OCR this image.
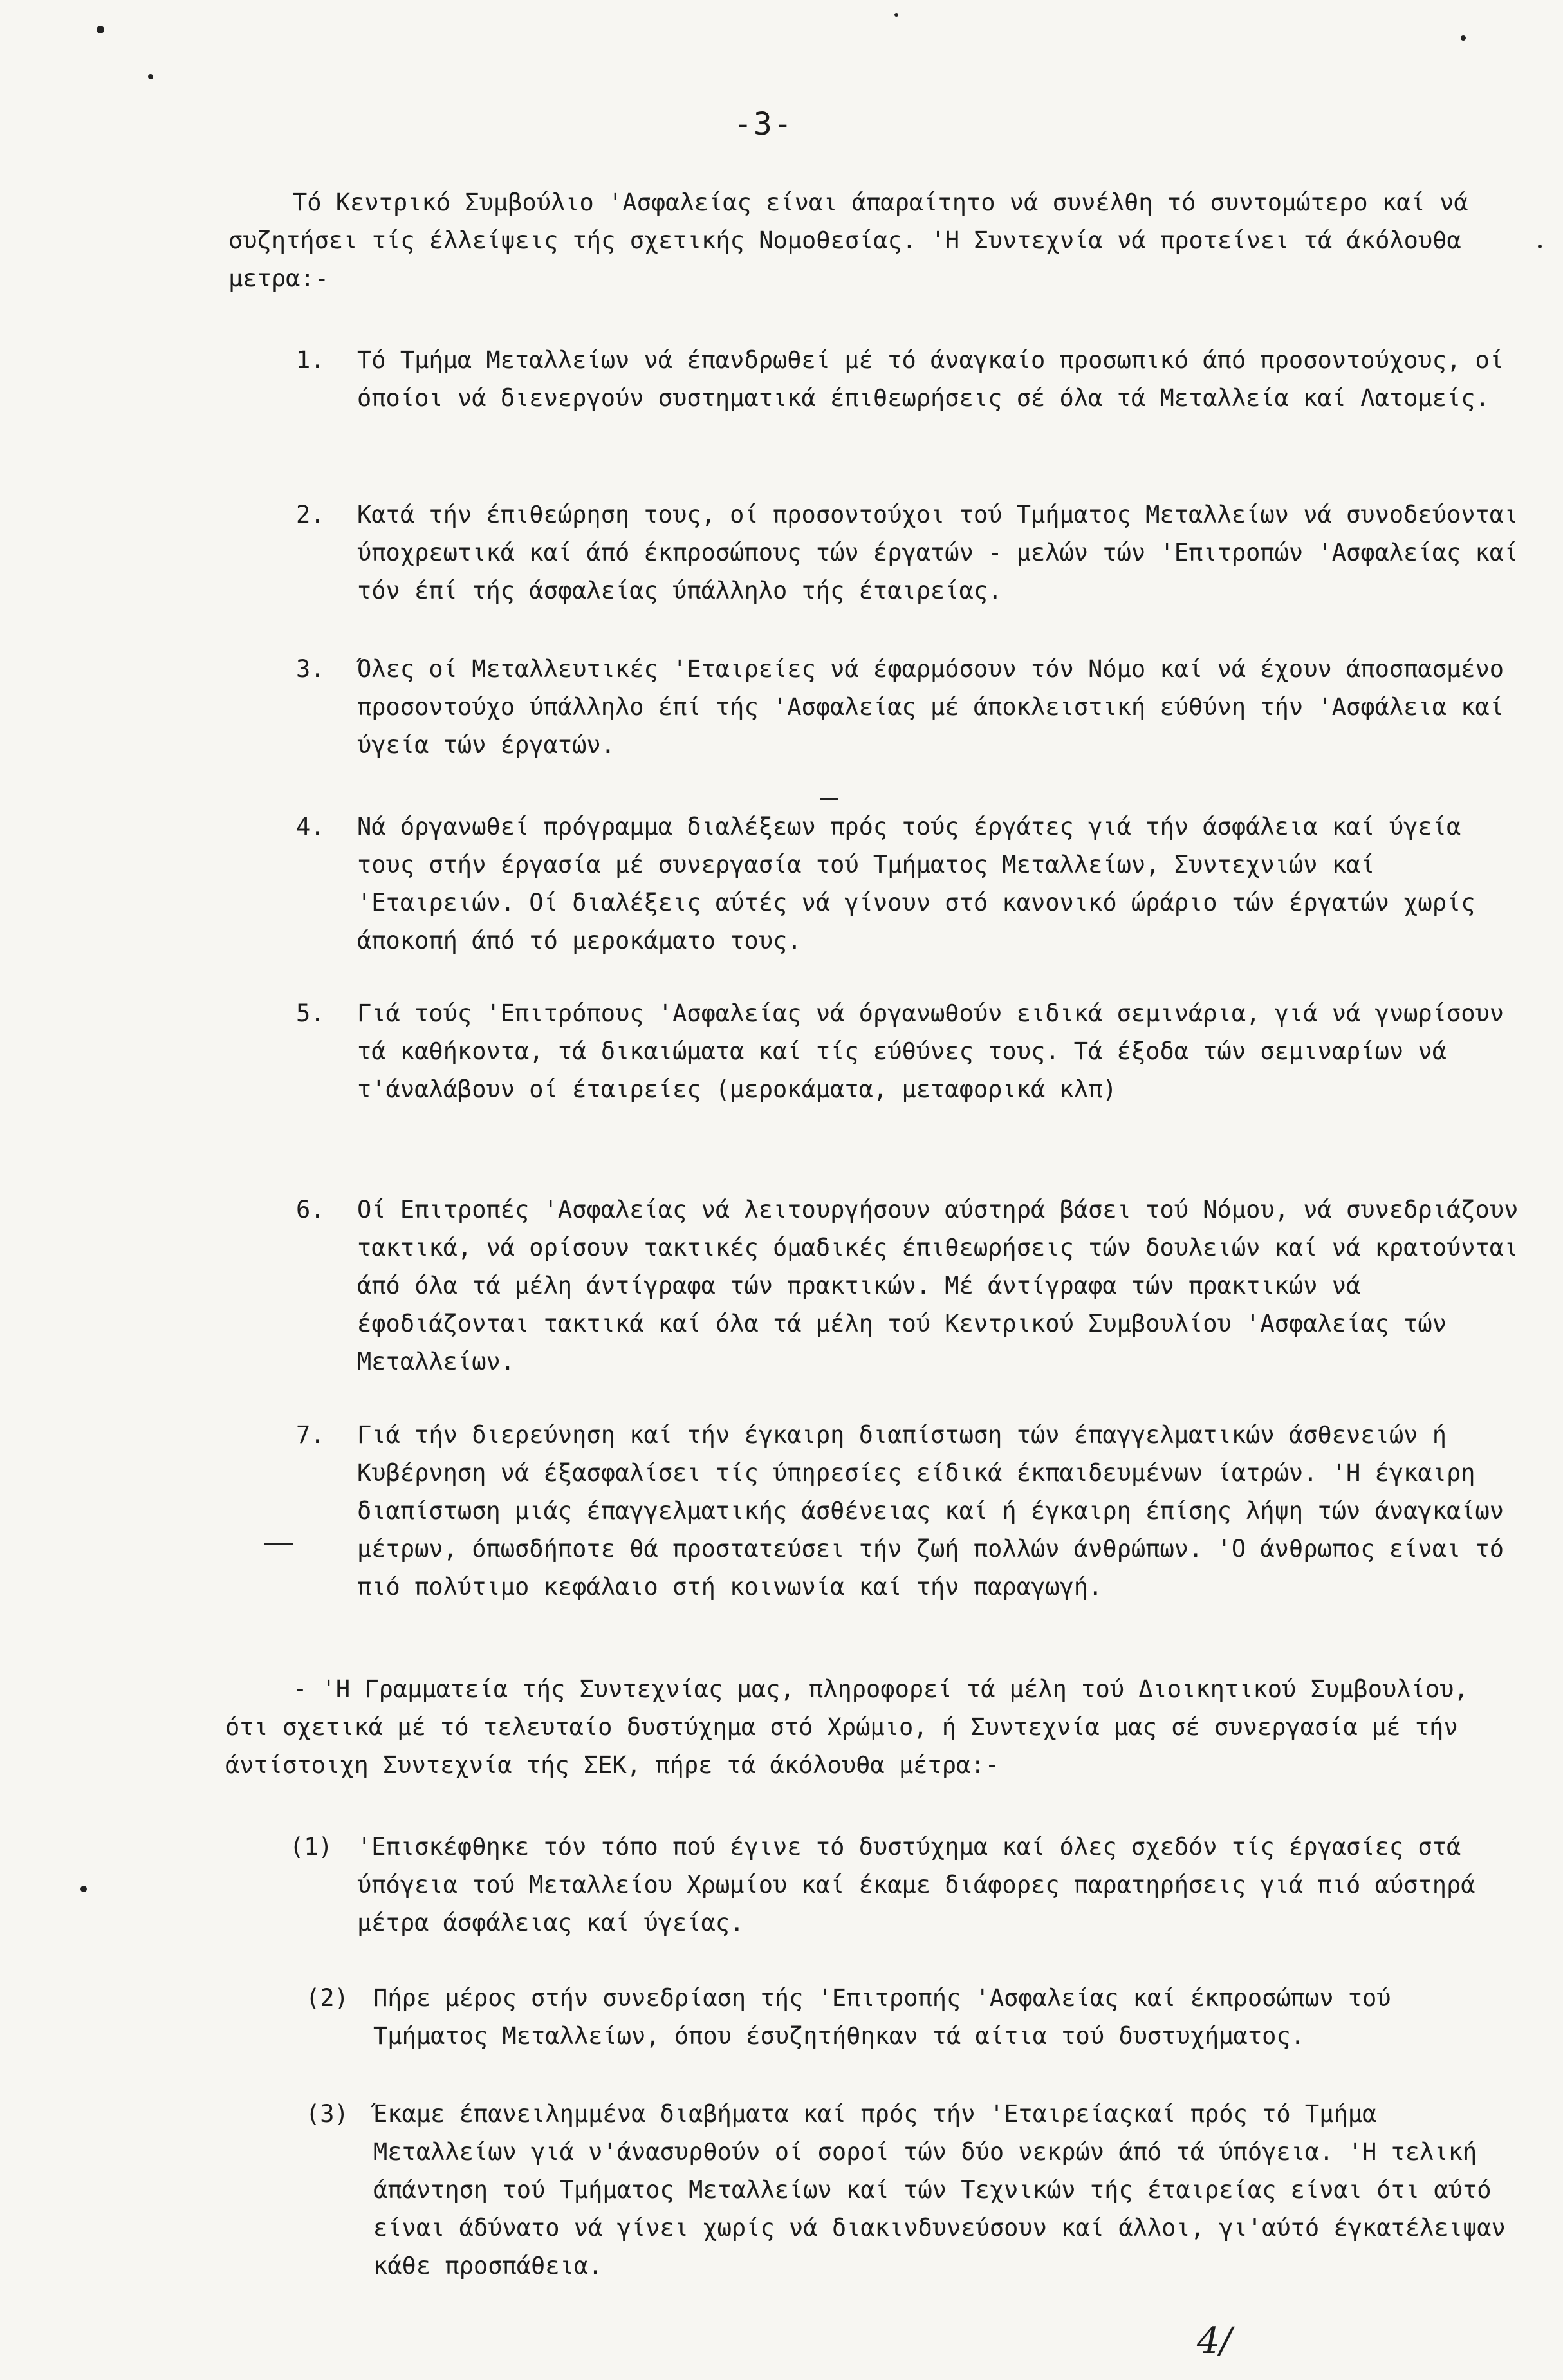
-3-
Τό Κεντρικό Συμβούλιο 'Ασφαλείας είναι άπαραίτητο νά συνέλθη τό συντομώτερο καί νά συζητήσει τίς έλλείψεις τής σχετικής Νομοθεσίας. 'Η Συντεχνία νά προτείνει τά άκόλουθα μετρα:-
1. Τό Τμήμα Μεταλλείων νά έπανδρωθεί μέ τό άναγκαίο προσωπικό άπό προσοντούχους, οί όποίοι νά διενεργούν συστηματικά έπιθεωρήσεις σέ όλα τά Μεταλλεία καί Λατομείς.
2. Κατά τήν έπιθεώρηση τους, οί προσοντούχοι τού Τμήματος Μεταλλείων νά συνοδεύονται ύποχρεωτικά καί άπό έκπροσώπους τών έργατών - μελών τών 'Επιτροπών 'Ασφαλείας καί τόν έπί τής άσφαλείας ύπάλληλο τής έταιρείας.
3. Όλες οί Μεταλλευτικές 'Εταιρείες νά έφαρμόσουν τόν Νόμο καί νά έχουν άποσπασμένο προσοντούχο ύπάλληλο έπί τής 'Ασφαλείας μέ άποκλειστική εύθύνη τήν 'Ασφάλεια καί ύγεία τών έργατών.
4. Νά όργανωθεί πρόγραμμα διαλέξεων πρός τούς έργάτες γιά τήν άσφάλεια καί ύγεία τους στήν έργασία μέ συνεργασία τού Τμήματος Μεταλλείων, Συντεχνιών καί 'Εταιρειών. Οί διαλέξεις αύτές νά γίνουν στό κανονικό ώράριο τών έργατών χωρίς άποκοπή άπό τό μεροκάματο τους.
5. Γιά τούς 'Επιτρόπους 'Ασφαλείας νά όργανωθούν ειδικά σεμινάρια, γιά νά γνωρίσουν τά καθήκοντα, τά δικαιώματα καί τίς εύθύνες τους. Τά έξοδα τών σεμιναρίων νά τ'άναλάβουν οί έταιρείες (μεροκάματα, μεταφορικά κλπ)
6. Οί Επιτροπές 'Ασφαλείας νά λειτουργήσουν αύστηρά βάσει τού Νόμου, νά συνεδριάζουν τακτικά, νά ορίσουν τακτικές όμαδικές έπιθεωρήσεις τών δουλειών καί νά κρατούνται άπό όλα τά μέλη άντίγραφα τών πρακτικών. Μέ άντίγραφα τών πρακτικών νά έφοδιάζονται τακτικά καί όλα τά μέλη τού Κεντρικού Συμβουλίου 'Ασφαλείας τών Μεταλλείων.
7. Γιά τήν διερεύνηση καί τήν έγκαιρη διαπίστωση τών έπαγγελματικών άσθενειών ή Κυβέρνηση νά έξασφαλίσει τίς ύπηρεσίες είδικά έκπαιδευμένων ίατρών. 'Η έγκαιρη διαπίστωση μιάς έπαγγελματικής άσθένειας καί ή έγκαιρη έπίσης λήψη τών άναγκαίων μέτρων, όπωσδήποτε θά προστατεύσει τήν ζωή πολλών άνθρώπων. 'Ο άνθρωπος είναι τό πιό πολύτιμο κεφάλαιο στή κοινωνία καί τήν παραγωγή.
- 'Η Γραμματεία τής Συντεχνίας μας, πληροφορεί τά μέλη τού Διοικητικού Συμβουλίου, ότι σχετικά μέ τό τελευταίο δυστύχημα στό Χρώμιο, ή Συντεχνία μας σέ συνεργασία μέ τήν άντίστοιχη Συντεχνία τής ΣΕΚ, πήρε τά άκόλουθα μέτρα:-
(1) 'Επισκέφθηκε τόν τόπο πού έγινε τό δυστύχημα καί όλες σχεδόν τίς έργασίες στά ύπόγεια τού Μεταλλείου Χρωμίου καί έκαμε διάφορες παρατηρήσεις γιά πιό αύστηρά μέτρα άσφάλειας καί ύγείας.
(2) Πήρε μέρος στήν συνεδρίαση τής 'Επιτροπής 'Ασφαλείας καί έκπροσώπων τού Τμήματος Μεταλλείων, όπου έσυζητήθηκαν τά αίτια τού δυστυχήματος.
(3) Έκαμε έπανειλημμένα διαβήματα καί πρός τήν 'Εταιρείαςκαί πρός τό Τμήμα Μεταλλείων γιά ν'άνασυρθούν οί σοροί τών δύο νεκρών άπό τά ύπόγεια. 'Η τελική άπάντηση τού Τμήματος Μεταλλείων καί τών Τεχνικών τής έταιρείας είναι ότι αύτό είναι άδύνατο νά γίνει χωρίς νά διακινδυνεύσουν καί άλλοι, γι'αύτό έγκατέλειψαν κάθε προσπάθεια.
4/
